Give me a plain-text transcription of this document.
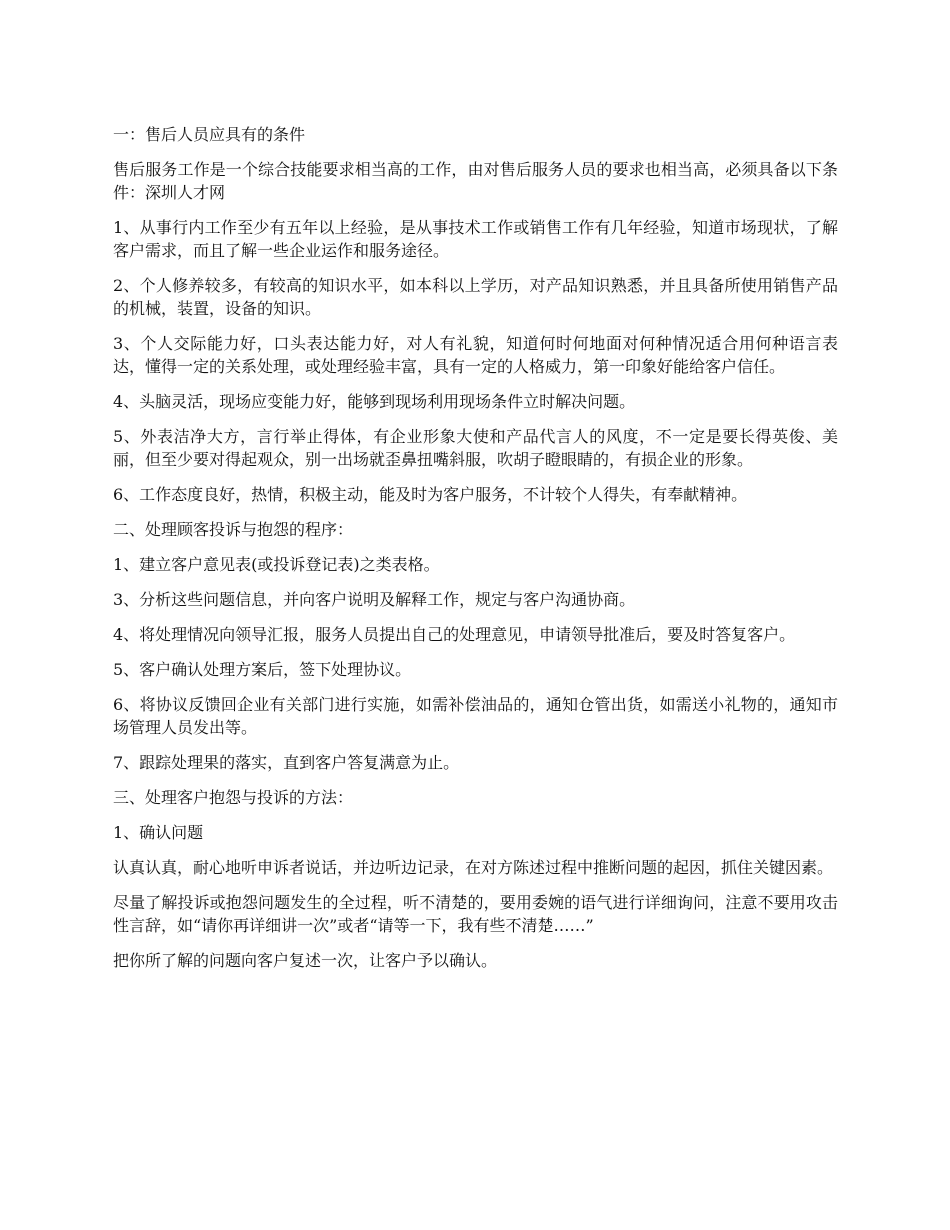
一：售后人员应具有的条件

售后服务工作是一个综合技能要求相当高的工作，由对售后服务人员的要求也相当高，必须具备以下条件：深圳人才网

1、从事行内工作至少有五年以上经验，是从事技术工作或销售工作有几年经验，知道市场现状，了解客户需求，而且了解一些企业运作和服务途径。

2、个人修养较多，有较高的知识水平，如本科以上学历，对产品知识熟悉，并且具备所使用销售产品的机械，装置，设备的知识。

3、个人交际能力好，口头表达能力好，对人有礼貌，知道何时何地面对何种情况适合用何种语言表达，懂得一定的关系处理，或处理经验丰富，具有一定的人格威力，第一印象好能给客户信任。

4、头脑灵活，现场应变能力好，能够到现场利用现场条件立时解决问题。

5、外表洁净大方，言行举止得体，有企业形象大使和产品代言人的风度，不一定是要长得英俊、美丽，但至少要对得起观众，别一出场就歪鼻扭嘴斜服，吹胡子瞪眼睛的，有损企业的形象。

6、工作态度良好，热情，积极主动，能及时为客户服务，不计较个人得失，有奉献精神。

二、处理顾客投诉与抱怨的程序：

1、建立客户意见表(或投诉登记表)之类表格。

3、分析这些问题信息，并向客户说明及解释工作，规定与客户沟通协商。

4、将处理情况向领导汇报，服务人员提出自己的处理意见，申请领导批准后，要及时答复客户。

5、客户确认处理方案后，签下处理协议。

6、将协议反馈回企业有关部门进行实施，如需补偿油品的，通知仓管出货，如需送小礼物的，通知市场管理人员发出等。

7、跟踪处理果的落实，直到客户答复满意为止。

三、处理客户抱怨与投诉的方法：

1、确认问题

认真认真，耐心地听申诉者说话，并边听边记录，在对方陈述过程中推断问题的起因，抓住关键因素。

尽量了解投诉或抱怨问题发生的全过程，听不清楚的，要用委婉的语气进行详细询问，注意不要用攻击性言辞，如“请你再详细讲一次”或者“请等一下，我有些不清楚……”

把你所了解的问题向客户复述一次，让客户予以确认。
